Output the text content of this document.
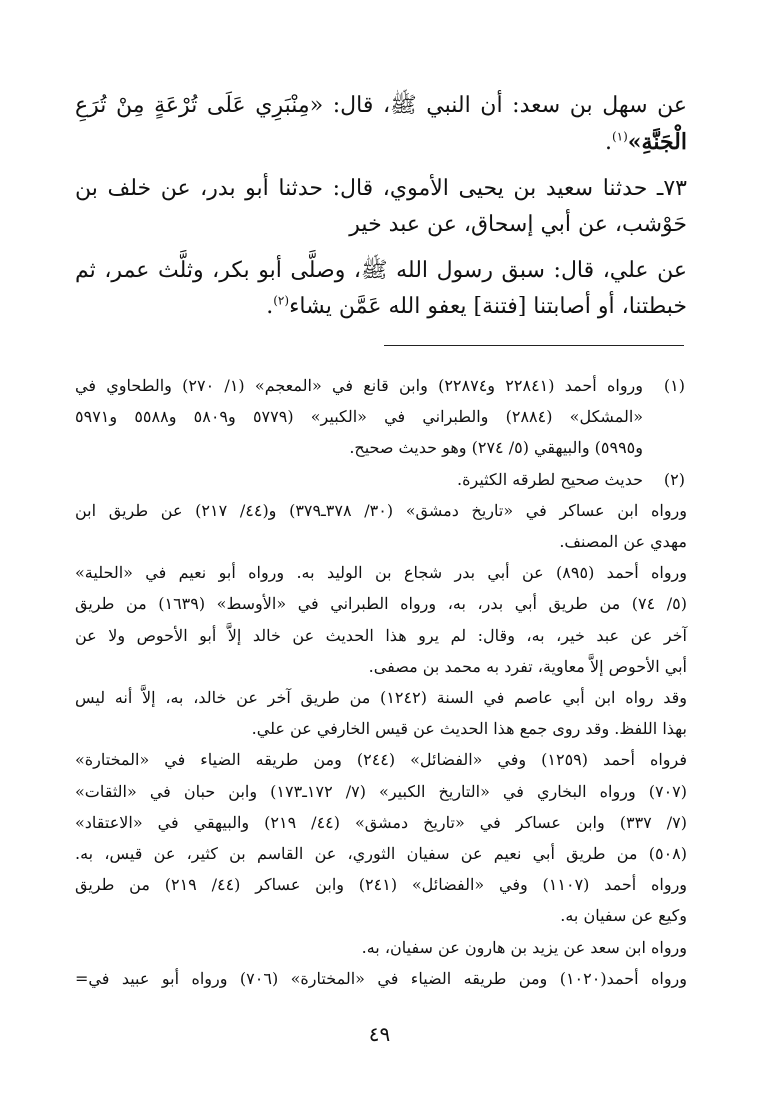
عن سهل بن سعد: أن النبي ﷺ، قال: «مِنْبَرِي عَلَى تُرْعَةٍ مِنْ تُرَعِ
الْجَنَّةِ»$^{(١)}$.
٧٣ـ حدثنا سعيد بن يحيى الأموي، قال: حدثنا أبو بدر، عن خلف بن
حَوْشب، عن أبي إسحاق، عن عبد خير
عن علي، قال: سبق رسول الله ﷺ، وصلَّى أبو بكر، وثلَّث عمر، ثم
خبطتنا، أو أصابتنا [فتنة] يعفو الله عَمَّن يشاء$^{(٢)}$.
(١)
ورواه أحمد (٢٢٨٤١ و٢٢٨٧٤) وابن قانع في «المعجم» (١/ ٢٧٠) والطحاوي في
«المشكل» (٢٨٨٤) والطبراني في «الكبير» (٥٧٧٩ و٥٨٠٩ و٥٥٨٨ و٥٩٧١
و٥٩٩٥) والبيهقي (٥/ ٢٧٤) وهو حديث صحيح.
(٢)
حديث صحيح لطرقه الكثيرة.
ورواه ابن عساكر في «تاريخ دمشق» (٣٠/ ٣٧٨ـ٣٧٩) و(٤٤/ ٢١٧) عن طريق ابن
مهدي عن المصنف.
ورواه أحمد (٨٩٥) عن أبي بدر شجاع بن الوليد به. ورواه أبو نعيم في «الحلية»
(٥/ ٧٤) من طريق أبي بدر، به، ورواه الطبراني في «الأوسط» (١٦٣٩) من طريق
آخر عن عبد خير، به، وقال: لم يرو هذا الحديث عن خالد إلاَّ أبو الأحوص ولا عن
أبي الأحوص إلاَّ معاوية، تفرد به محمد بن مصفى.
وقد رواه ابن أبي عاصم في السنة (١٢٤٢) من طريق آخر عن خالد، به، إلاَّ أنه ليس
بهذا اللفظ. وقد روى جمع هذا الحديث عن قيس الخارفي عن علي.
فرواه أحمد (١٢٥٩) وفي «الفضائل» (٢٤٤) ومن طريقه الضياء في «المختارة»
(٧٠٧) ورواه البخاري في «التاريخ الكبير» (٧/ ١٧٢ـ١٧٣) وابن حبان في «الثقات»
(٧/ ٣٣٧) وابن عساكر في «تاريخ دمشق» (٤٤/ ٢١٩) والبيهقي في «الاعتقاد»
(٥٠٨) من طريق أبي نعيم عن سفيان الثوري، عن القاسم بن كثير، عن قيس، به.
ورواه أحمد (١١٠٧) وفي «الفضائل» (٢٤١) وابن عساكر (٤٤/ ٢١٩) من طريق
وكيع عن سفيان به.
ورواه ابن سعد عن يزيد بن هارون عن سفيان، به.
ورواه أحمد(١٠٢٠) ومن طريقه الضياء في «المختارة» (٧٠٦) ورواه أبو عبيد في=
٤٩
